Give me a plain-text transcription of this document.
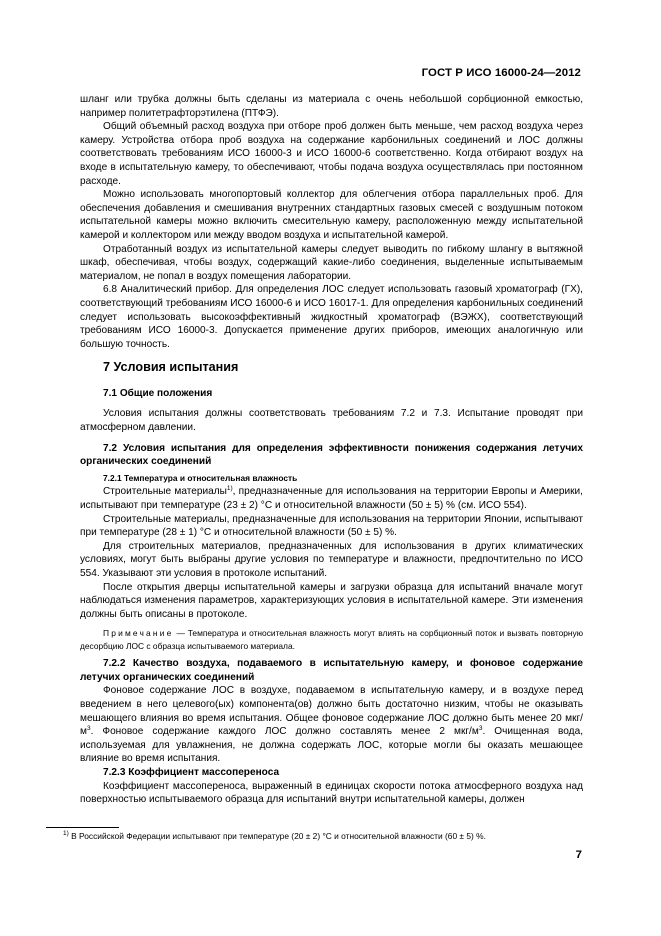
ГОСТ Р ИСО 16000-24—2012

шланг или трубка должны быть сделаны из материала с очень небольшой сорбционной емкостью, например политетрафторэтилена (ПТФЭ).

Общий объемный расход воздуха при отборе проб должен быть меньше, чем расход воздуха через камеру. Устройства отбора проб воздуха на содержание карбонильных соединений и ЛОС должны соответствовать требованиям ИСО 16000-3 и ИСО 16000-6 соответственно. Когда отбирают воздух на входе в испытательную камеру, то обеспечивают, чтобы подача воздуха осуществлялась при постоянном расходе.

Можно использовать многопортовый коллектор для облегчения отбора параллельных проб. Для обеспечения добавления и смешивания внутренних стандартных газовых смесей с воздушным потоком испытательной камеры можно включить смесительную камеру, расположенную между испытательной камерой и коллектором или между вводом воздуха и испытательной камерой.

Отработанный воздух из испытательной камеры следует выводить по гибкому шлангу в вытяжной шкаф, обеспечивая, чтобы воздух, содержащий какие-либо соединения, выделенные испытываемым материалом, не попал в воздух помещения лаборатории.

6.8 Аналитический прибор. Для определения ЛОС следует использовать газовый хроматограф (ГХ), соответствующий требованиям ИСО 16000-6 и ИСО 16017-1. Для определения карбонильных соединений следует использовать высокоэффективный жидкостный хроматограф (ВЭЖХ), соответствующий требованиям ИСО 16000-3. Допускается применение других приборов, имеющих аналогичную или большую точность.

7 Условия испытания

7.1 Общие положения

Условия испытания должны соответствовать требованиям 7.2 и 7.3. Испытание проводят при атмосферном давлении.

7.2 Условия испытания для определения эффективности понижения содержания летучих органических соединений

7.2.1 Температура и относительная влажность

Строительные материалы$^{1)}$, предназначенные для использования на территории Европы и Америки, испытывают при температуре (23 ± 2) °С и относительной влажности (50 ± 5) % (см. ИСО 554).

Строительные материалы, предназначенные для использования на территории Японии, испытывают при температуре (28 ± 1) °С и относительной влажности (50 ± 5) %.

Для строительных материалов, предназначенных для использования в других климатических условиях, могут быть выбраны другие условия по температуре и влажности, предпочтительно по ИСО 554. Указывают эти условия в протоколе испытаний.

После открытия дверцы испытательной камеры и загрузки образца для испытаний вначале могут наблюдаться изменения параметров, характеризующих условия в испытательной камере. Эти изменения должны быть описаны в протоколе.

Примечание — Температура и относительная влажность могут влиять на сорбционный поток и вызвать повторную десорбцию ЛОС с образца испытываемого материала.

7.2.2 Качество воздуха, подаваемого в испытательную камеру, и фоновое содержание летучих органических соединений

Фоновое содержание ЛОС в воздухе, подаваемом в испытательную камеру, и в воздухе перед введением в него целевого(ых) компонента(ов) должно быть достаточно низким, чтобы не оказывать мешающего влияния во время испытания. Общее фоновое содержание ЛОС должно быть менее 20 мкг/$м^3$. Фоновое содержание каждого ЛОС должно составлять менее 2 мкг/$м^3$. Очищенная вода, используемая для увлажнения, не должна содержать ЛОС, которые могли бы оказать мешающее влияние во время испытания.

7.2.3 Коэффициент массопереноса

Коэффициент массопереноса, выраженный в единицах скорости потока атмосферного воздуха над поверхностью испытываемого образца для испытаний внутри испытательной камеры, должен

$^{1)}$ В Российской Федерации испытывают при температуре (20 ± 2) °С и относительной влажности (60 ± 5) %.
7
